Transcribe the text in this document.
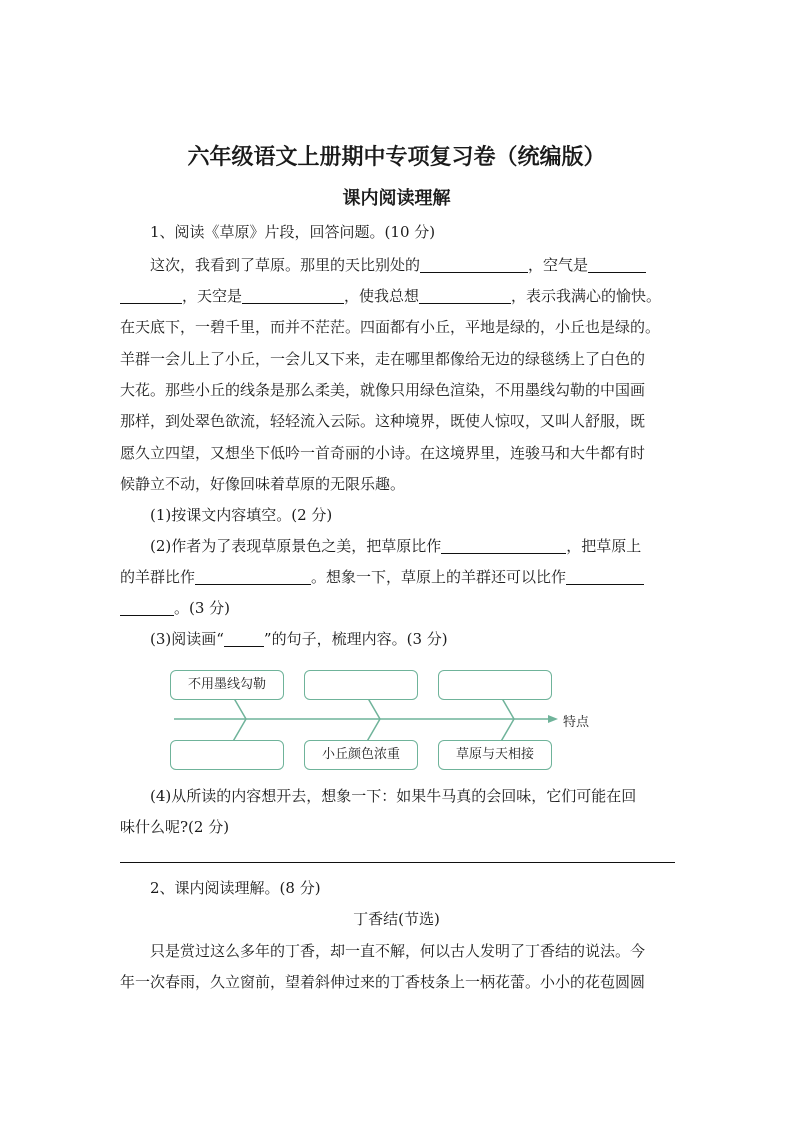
六年级语文上册期中专项复习卷（统编版）
课内阅读理解
1、阅读《草原》片段，回答问题。(10 分)
这次，我看到了草原。那里的天比别处的	，空气是
，天空是	，使我总想	，表示我满心的愉快。
在天底下，一碧千里，而并不茫茫。四面都有小丘，平地是绿的，小丘也是绿的。
羊群一会儿上了小丘，一会儿又下来，走在哪里都像给无边的绿毯绣上了白色的
大花。那些小丘的线条是那么柔美，就像只用绿色渲染，不用墨线勾勒的中国画
那样，到处翠色欲流，轻轻流入云际。这种境界，既使人惊叹，又叫人舒服，既
愿久立四望，又想坐下低吟一首奇丽的小诗。在这境界里，连骏马和大牛都有时
候静立不动，好像回味着草原的无限乐趣。
(1)按课文内容填空。(2 分)
(2)作者为了表现草原景色之美，把草原比作	，把草原上
的羊群比作	。想象一下，草原上的羊群还可以比作
。(3 分)
(3)阅读画“	”的句子，梳理内容。(3 分)
不用墨线勾勒
小丘颜色浓重	草原与天相接
特点
(4)从所读的内容想开去，想象一下：如果牛马真的会回味，它们可能在回
味什么呢?(2 分)
2、课内阅读理解。(8 分)
丁香结(节选)
只是赏过这么多年的丁香，却一直不解，何以古人发明了丁香结的说法。今
年一次春雨，久立窗前，望着斜伸过来的丁香枝条上一柄花蕾。小小的花苞圆圆
